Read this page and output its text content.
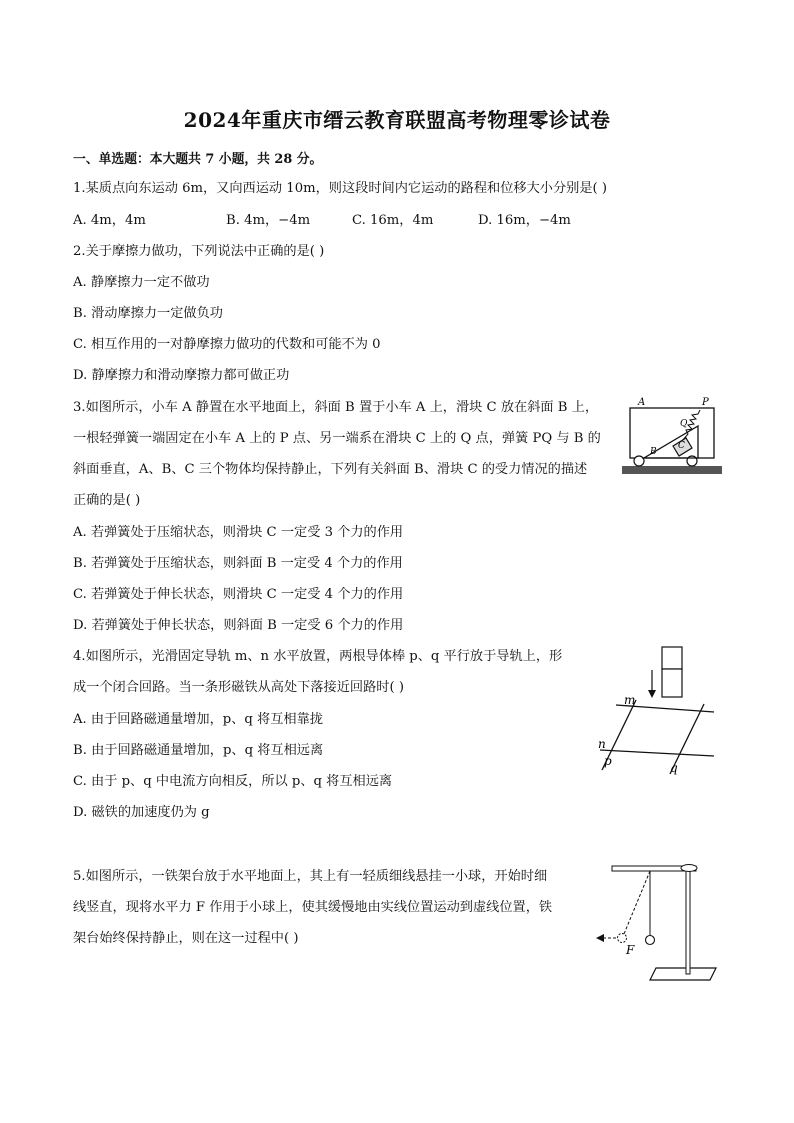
2024年重庆市缙云教育联盟高考物理零诊试卷
一、单选题：本大题共 7 小题，共 28 分。
1.某质点向东运动 6m，又向西运动 10m，则这段时间内它运动的路程和位移大小分别是( )
A. 4m，4m	B. 4m，−4m	C. 16m，4m	D. 16m，−4m
2.关于摩擦力做功，下列说法中正确的是( )
A. 静摩擦力一定不做功
B. 滑动摩擦力一定做负功
C. 相互作用的一对静摩擦力做功的代数和可能不为 0
D. 静摩擦力和滑动摩擦力都可做正功
3.如图所示，小车 A 静置在水平地面上，斜面 B 置于小车 A 上，滑块 C 放在斜面 B 上，
一根轻弹簧一端固定在小车 A 上的 P 点、另一端系在滑块 C 上的 Q 点，弹簧 PQ 与 B 的
斜面垂直，A、B、C 三个物体均保持静止，下列有关斜面 B、滑块 C 的受力情况的描述
正确的是( )
A. 若弹簧处于压缩状态，则滑块 C 一定受 3 个力的作用
B. 若弹簧处于压缩状态，则斜面 B 一定受 4 个力的作用
C. 若弹簧处于伸长状态，则滑块 C 一定受 4 个力的作用
D. 若弹簧处于伸长状态，则斜面 B 一定受 6 个力的作用
A	P
Q
C
B
4.如图所示，光滑固定导轨 m、n 水平放置，两根导体棒 p、q 平行放于导轨上，形
成一个闭合回路。当一条形磁铁从高处下落接近回路时( )
A. 由于回路磁通量增加，p、q 将互相靠拢
B. 由于回路磁通量增加，p、q 将互相远离
C. 由于 p、q 中电流方向相反，所以 p、q 将互相远离
D. 磁铁的加速度仍为 g
m
n
p	q
5.如图所示，一铁架台放于水平地面上，其上有一轻质细线悬挂一小球，开始时细
线竖直，现将水平力 F 作用于小球上，使其缓慢地由实线位置运动到虚线位置，铁
架台始终保持静止，则在这一过程中( )
F
